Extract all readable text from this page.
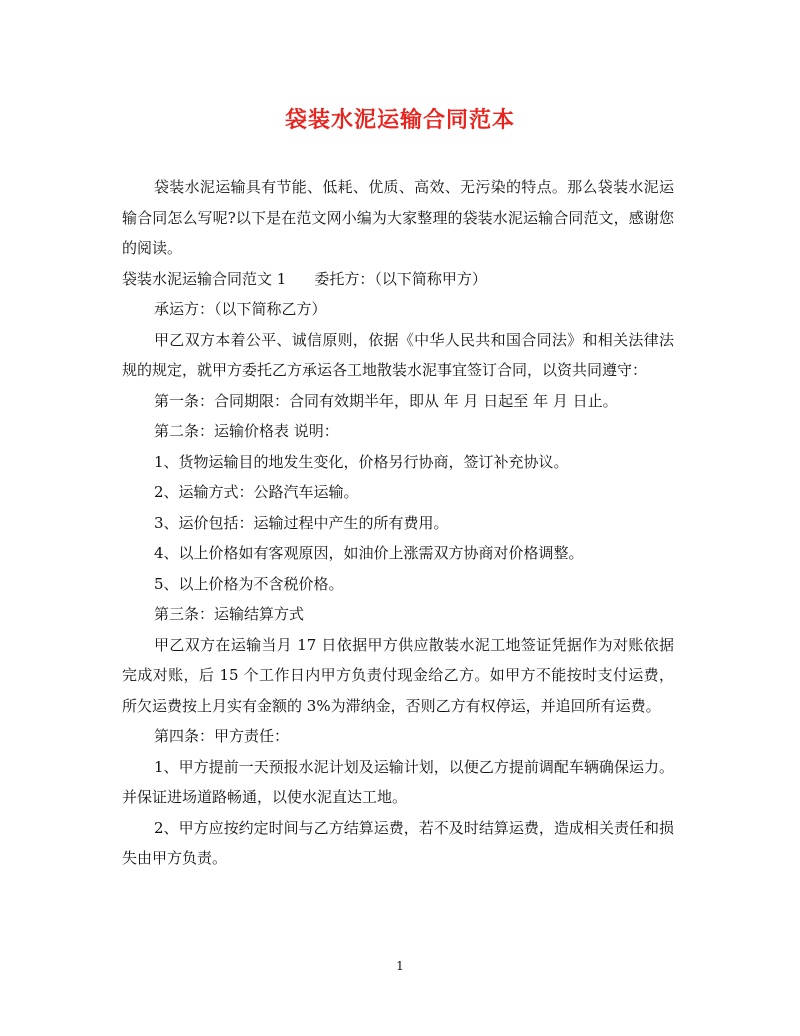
袋装水泥运输合同范本

袋装水泥运输具有节能、低耗、优质、高效、无污染的特点。那么袋装水泥运输合同怎么写呢?以下是在范文网小编为大家整理的袋装水泥运输合同范文，感谢您的阅读。

袋装水泥运输合同范文 1 委托方：（以下简称甲方）

承运方：（以下简称乙方）

甲乙双方本着公平、诚信原则，依据《中华人民共和国合同法》和相关法律法规的规定，就甲方委托乙方承运各工地散装水泥事宜签订合同，以资共同遵守：

第一条：合同期限：合同有效期半年，即从 年 月 日起至 年 月 日止。

第二条：运输价格表 说明：

1、货物运输目的地发生变化，价格另行协商，签订补充协议。

2、运输方式：公路汽车运输。

3、运价包括：运输过程中产生的所有费用。

4、以上价格如有客观原因，如油价上涨需双方协商对价格调整。

5、以上价格为不含税价格。

第三条：运输结算方式

甲乙双方在运输当月 17 日依据甲方供应散装水泥工地签证凭据作为对账依据完成对账，后 15 个工作日内甲方负责付现金给乙方。如甲方不能按时支付运费，所欠运费按上月实有金额的 3%为滞纳金，否则乙方有权停运，并追回所有运费。

第四条：甲方责任：

1、甲方提前一天预报水泥计划及运输计划，以便乙方提前调配车辆确保运力。并保证进场道路畅通，以使水泥直达工地。

2、甲方应按约定时间与乙方结算运费，若不及时结算运费，造成相关责任和损失由甲方负责。

1
